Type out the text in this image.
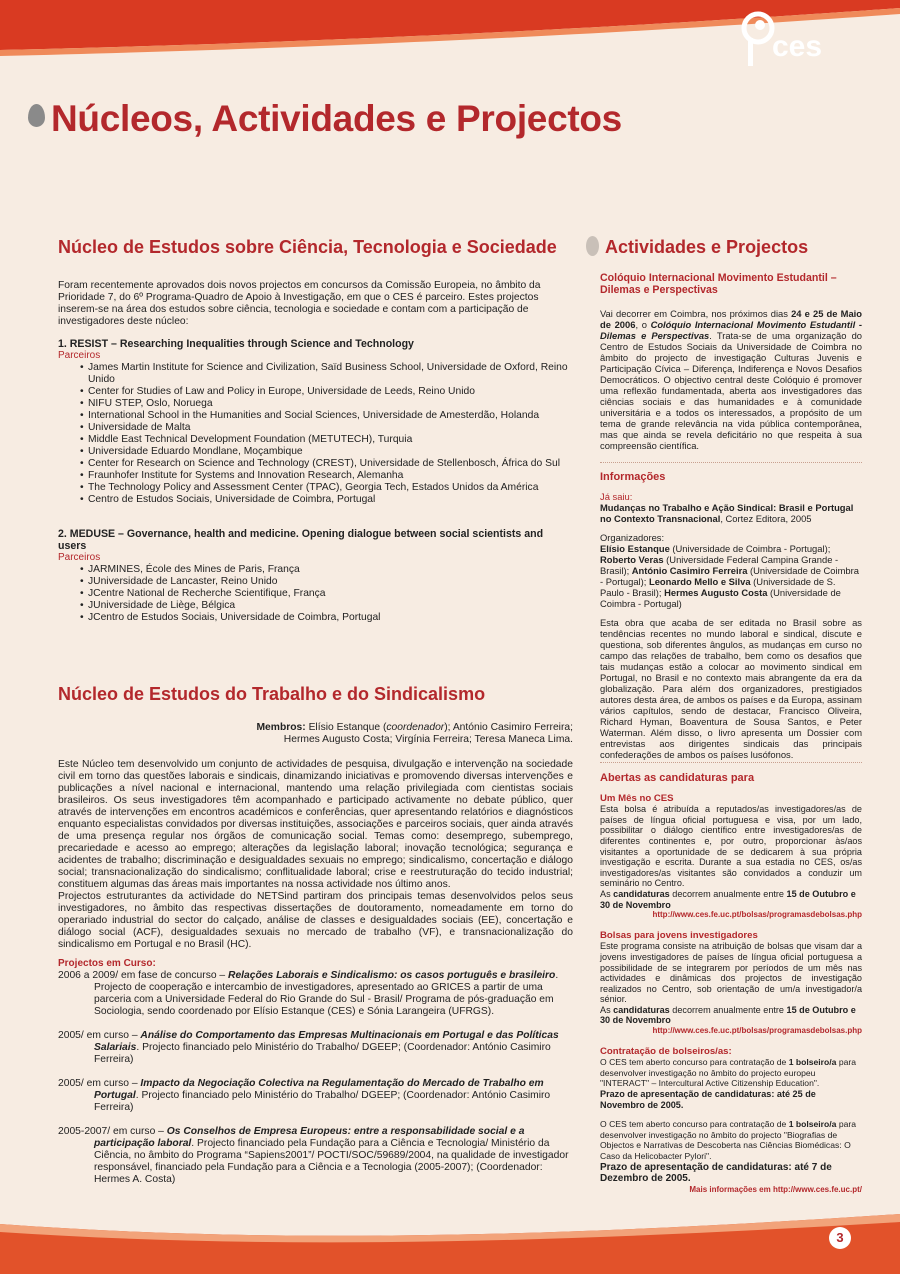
ces
Núcleos, Actividades e Projectos
Núcleo de Estudos sobre Ciência, Tecnologia e Sociedade

Foram recentemente aprovados dois novos projectos em concursos da Comissão Europeia, no âmbito da Prioridade 7, do 6º Programa-Quadro de Apoio à Investigação, em que o CES é parceiro. Estes projectos inserem-se na área dos estudos sobre ciência, tecnologia e sociedade e contam com a participação de investigadores deste núcleo:

1. RESIST – Researching Inequalities through Science and Technology

Parceiros

• James Martin Institute for Science and Civilization, Saïd Business School, Universidade de Oxford, Reino Unido
• Center for Studies of Law and Policy in Europe, Universidade de Leeds, Reino Unido
• NIFU STEP, Oslo, Noruega
• International School in the Humanities and Social Sciences, Universidade de Amesterdão, Holanda
• Universidade de Malta
• Middle East Technical Development Foundation (METUTECH), Turquia
• Universidade Eduardo Mondlane, Moçambique
• Center for Research on Science and Technology (CREST), Universidade de Stellenbosch, África do Sul
• Fraunhofer Institute for Systems and Innovation Research, Alemanha
• The Technology Policy and Assessment Center (TPAC), Georgia Tech, Estados Unidos da América
• Centro de Estudos Sociais, Universidade de Coimbra, Portugal

2. MEDUSE – Governance, health and medicine. Opening dialogue between social scientists and users

Parceiros

• JARMINES, École des Mines de Paris, França
• JUniversidade de Lancaster, Reino Unido
• JCentre National de Recherche Scientifique, França
• JUniversidade de Liège, Bélgica
• JCentro de Estudos Sociais, Universidade de Coimbra, Portugal
Núcleo de Estudos do Trabalho e do Sindicalismo

Membros: Elísio Estanque (coordenador); António Casimiro Ferreira;
Hermes Augusto Costa; Virgínia Ferreira; Teresa Maneca Lima.

Este Núcleo tem desenvolvido um conjunto de actividades de pesquisa, divulgação e intervenção na sociedade civil em torno das questões laborais e sindicais, dinamizando iniciativas e promovendo diversas intervenções e publicações a nível nacional e internacional, mantendo uma relação privilegiada com cientistas sociais brasileiros. Os seus investigadores têm acompanhado e participado activamente no debate público, quer através de intervenções em encontros académicos e conferências, quer apresentando relatórios e diagnósticos enquanto especialistas convidados por diversas instituições, associações e parceiros sociais, quer ainda através de uma presença regular nos órgãos de comunicação social. Temas como: desemprego, subemprego, precariedade e acesso ao emprego; alterações da legislação laboral; inovação tecnológica; segurança e acidentes de trabalho; discriminação e desigualdades sexuais no emprego; sindicalismo, concertação e diálogo social; transnacionalização do sindicalismo; conflitualidade laboral; crise e reestruturação do tecido industrial; constituem algumas das áreas mais importantes na nossa actividade nos último anos.

Projectos estruturantes da actividade do NETSind partiram dos principais temas desenvolvidos pelos seus investigadores, no âmbito das respectivas dissertações de doutoramento, nomeadamente em torno do operariado industrial do sector do calçado, análise de classes e desigualdades sociais (EE), concertação e diálogo social (ACF), desigualdades sexuais no mercado de trabalho (VF), e transnacionalização do sindicalismo em Portugal e no Brasil (HC).

Projectos em Curso:

2006 a 2009/ em fase de concurso – Relações Laborais e Sindicalismo: os casos português e brasileiro. Projecto de cooperação e intercambio de investigadores, apresentado ao GRICES a partir de uma parceria com a Universidade Federal do Rio Grande do Sul - Brasil/ Programa de pós-graduação em Sociologia, sendo coordenado por Elísio Estanque (CES) e Sónia Larangeira (UFRGS).

2005/ em curso – Análise do Comportamento das Empresas Multinacionais em Portugal e das Políticas Salariais. Projecto financiado pelo Ministério do Trabalho/ DGEEP; (Coordenador: António Casimiro Ferreira)

2005/ em curso – Impacto da Negociação Colectiva na Regulamentação do Mercado de Trabalho em Portugal. Projecto financiado pelo Ministério do Trabalho/ DGEEP; (Coordenador: António Casimiro Ferreira)

2005-2007/ em curso – Os Conselhos de Empresa Europeus: entre a responsabilidade social e a participação laboral. Projecto financiado pela Fundação para a Ciência e Tecnologia/ Ministério da Ciência, no âmbito do Programa “Sapiens2001”/ POCTI/SOC/59689/2004, na qualidade de investigador responsável, financiado pela Fundação para a Ciência e a Tecnologia (2005-2007); (Coordenador: Hermes A. Costa)

Actividades e Projectos

Colóquio Internacional Movimento Estudantil – Dilemas e Perspectivas

Vai decorrer em Coimbra, nos próximos dias 24 e 25 de Maio de 2006, o Colóquio Internacional Movimento Estudantil - Dilemas e Perspectivas. Trata-se de uma organização do Centro de Estudos Sociais da Universidade de Coimbra no âmbito do projecto de investigação Culturas Juvenis e Participação Cívica – Diferença, Indiferença e Novos Desafios Democráticos. O objectivo central deste Colóquio é promover uma reflexão fundamentada, aberta aos investigadores das ciências sociais e das humanidades e à comunidade universitária e a todos os interessados, a propósito de um tema de grande relevância na vida pública contemporânea, mas que ainda se revela deficitário no que respeita à sua compreensão científica.

Informações

Já saiu:

Mudanças no Trabalho e Ação Sindical: Brasil e Portugal no Contexto Transnacional, Cortez Editora, 2005

Organizadores:

Elísio Estanque (Universidade de Coimbra - Portugal); Roberto Veras (Universidade Federal Campina Grande - Brasil); António Casimiro Ferreira (Universidade de Coimbra - Portugal); Leonardo Mello e Silva (Universidade de S. Paulo - Brasil); Hermes Augusto Costa (Universidade de Coimbra - Portugal)

Esta obra que acaba de ser editada no Brasil sobre as tendências recentes no mundo laboral e sindical, discute e questiona, sob diferentes ângulos, as mudanças em curso no campo das relações de trabalho, bem como os desafios que tais mudanças estão a colocar ao movimento sindical em Portugal, no Brasil e no contexto mais abrangente da era da globalização. Para além dos organizadores, prestigiados autores desta área, de ambos os países e da Europa, assinam vários capítulos, sendo de destacar, Francisco Oliveira, Richard Hyman, Boaventura de Sousa Santos, e Peter Waterman. Além disso, o livro apresenta um Dossier com entrevistas aos dirigentes sindicais das principais confederações de ambos os países lusófonos.

Abertas as candidaturas para

Um Mês no CES

Esta bolsa é atribuída a reputados/as investigadores/as de países de língua oficial portuguesa e visa, por um lado, possibilitar o diálogo científico entre investigadores/as de diferentes continentes e, por outro, proporcionar às/aos visitantes a oportunidade de se dedicarem à sua própria investigação e escrita. Durante a sua estadia no CES, os/as investigadores/as visitantes são convidados a conduzir um seminário no Centro.

As candidaturas decorrem anualmente entre 15 de Outubro e 30 de Novembro

http://www.ces.fe.uc.pt/bolsas/programasdebolsas.php

Bolsas para jovens investigadores

Este programa consiste na atribuição de bolsas que visam dar a jovens investigadores de países de língua oficial portuguesa a possibilidade de se integrarem por períodos de um mês nas actividades e dinâmicas dos projectos de investigação realizados no Centro, sob orientação de um/a investigador/a sénior.

As candidaturas decorrem anualmente entre 15 de Outubro e 30 de Novembro

http://www.ces.fe.uc.pt/bolsas/programasdebolsas.php

Contratação de bolseiros/as:

O CES tem aberto concurso para contratação de 1 bolseiro/a para desenvolver investigação no âmbito do projecto europeu "INTERACT" – Intercultural Active Citizenship Education".

Prazo de apresentação de candidaturas: até 25 de Novembro de 2005.

O CES tem aberto concurso para contratação de 1 bolseiro/a para desenvolver investigação no âmbito do projecto "Biografias de Objectos e Narrativas de Descoberta nas Ciências Biomédicas: O Caso da Helicobacter Pylori".

Prazo de apresentação de candidaturas: até 7 de Dezembro de 2005.

Mais informações em http://www.ces.fe.uc.pt/

3
